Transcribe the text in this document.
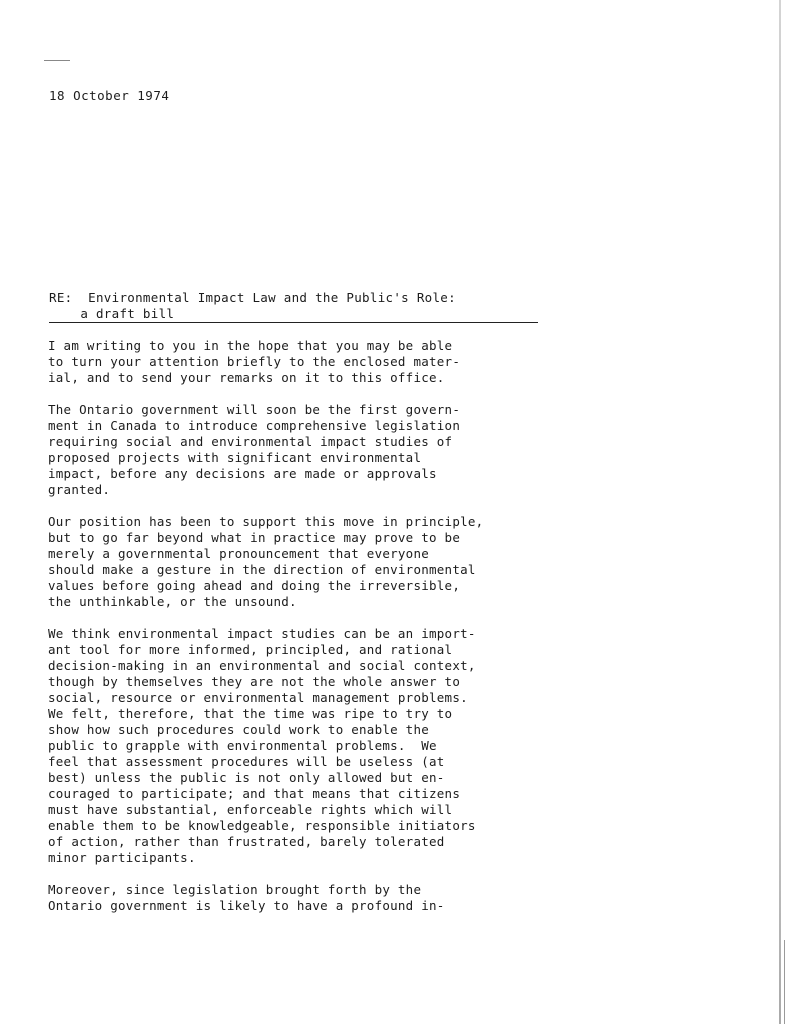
18 October 1974
RE: Environmental Impact Law and the Public's Role:
a draft bill
I am writing to you in the hope that you may be able
to turn your attention briefly to the enclosed mater-
ial, and to send your remarks on it to this office.
The Ontario government will soon be the first govern-
ment in Canada to introduce comprehensive legislation
requiring social and environmental impact studies of
proposed projects with significant environmental
impact, before any decisions are made or approvals
granted.
Our position has been to support this move in principle,
but to go far beyond what in practice may prove to be
merely a governmental pronouncement that everyone
should make a gesture in the direction of environmental
values before going ahead and doing the irreversible,
the unthinkable, or the unsound.
We think environmental impact studies can be an import-
ant tool for more informed, principled, and rational
decision-making in an environmental and social context,
though by themselves they are not the whole answer to
social, resource or environmental management problems.
We felt, therefore, that the time was ripe to try to
show how such procedures could work to enable the
public to grapple with environmental problems.  We
feel that assessment procedures will be useless (at
best) unless the public is not only allowed but en-
couraged to participate; and that means that citizens
must have substantial, enforceable rights which will
enable them to be knowledgeable, responsible initiators
of action, rather than frustrated, barely tolerated
minor participants.
Moreover, since legislation brought forth by the
Ontario government is likely to have a profound in-
